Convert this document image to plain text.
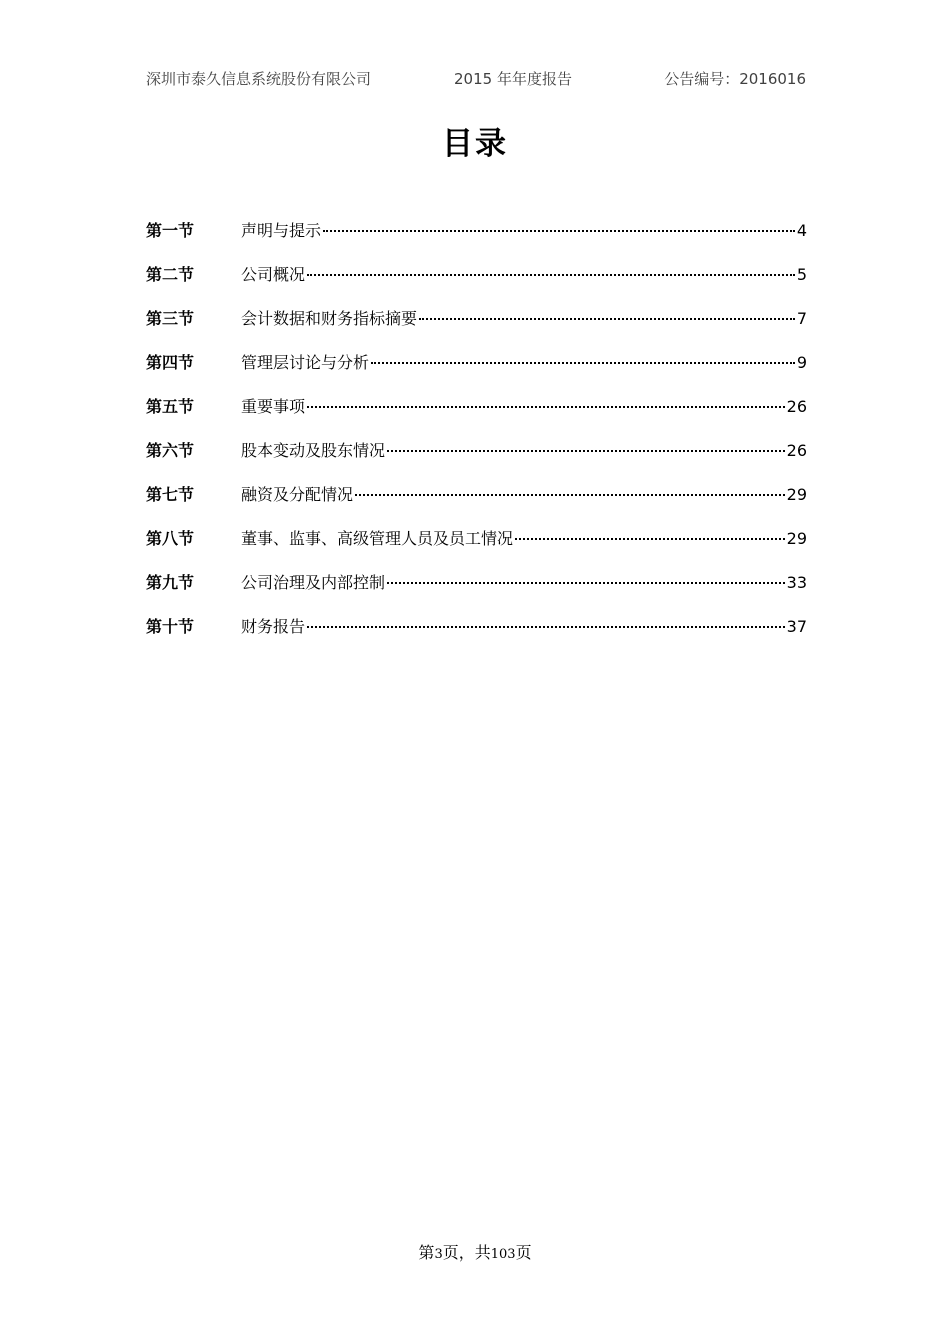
深圳市泰久信息系统股份有限公司	2015 年年度报告	公告编号：2016016
目录
第一节	声明与提示	4
第二节	公司概况	5
第三节	会计数据和财务指标摘要	7
第四节	管理层讨论与分析	9
第五节	重要事项	26
第六节	股本变动及股东情况	26
第七节	融资及分配情况	29
第八节	董事、监事、高级管理人员及员工情况	29
第九节	公司治理及内部控制	33
第十节	财务报告	37
第3页，共103页
